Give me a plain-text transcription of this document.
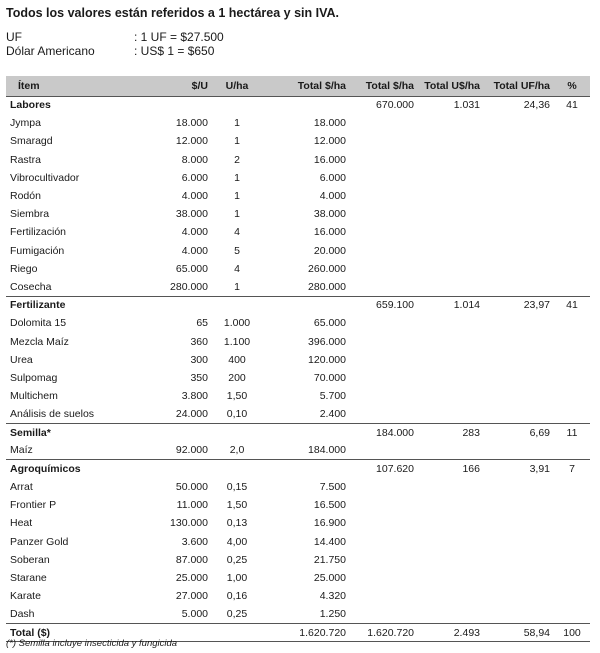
Todos los valores están referidos a 1 hectárea y sin IVA.
UF	: 1 UF = $27.500
Dólar Americano	: US$ 1 = $650
Ítem	$/U	U/ha	Total $/ha	Total $/ha	Total U$/ha	Total UF/ha	%
Labores				670.000	1.031	24,36	41
Jympa	18.000	1	18.000				
Smaragd	12.000	1	12.000				
Rastra	8.000	2	16.000				
Vibrocultivador	6.000	1	6.000				
Rodón	4.000	1	4.000				
Siembra	38.000	1	38.000				
Fertilización	4.000	4	16.000				
Fumigación	4.000	5	20.000				
Riego	65.000	4	260.000				
Cosecha	280.000	1	280.000				
Fertilizante				659.100	1.014	23,97	41
Dolomita 15	65	1.000	65.000				
Mezcla Maíz	360	1.100	396.000				
Urea	300	400	120.000				
Sulpomag	350	200	70.000				
Multichem	3.800	1,50	5.700				
Análisis de suelos	24.000	0,10	2.400				
Semilla*				184.000	283	6,69	11
Maíz	92.000	2,0	184.000				
Agroquímicos				107.620	166	3,91	7
Arrat	50.000	0,15	7.500				
Frontier P	11.000	1,50	16.500				
Heat	130.000	0,13	16.900				
Panzer Gold	3.600	4,00	14.400				
Soberan	87.000	0,25	21.750				
Starane	25.000	1,00	25.000				
Karate	27.000	0,16	4.320				
Dash	5.000	0,25	1.250				
Total ($)			1.620.720	1.620.720	2.493	58,94	100
(*) Semilla incluye insecticida y fungicida
